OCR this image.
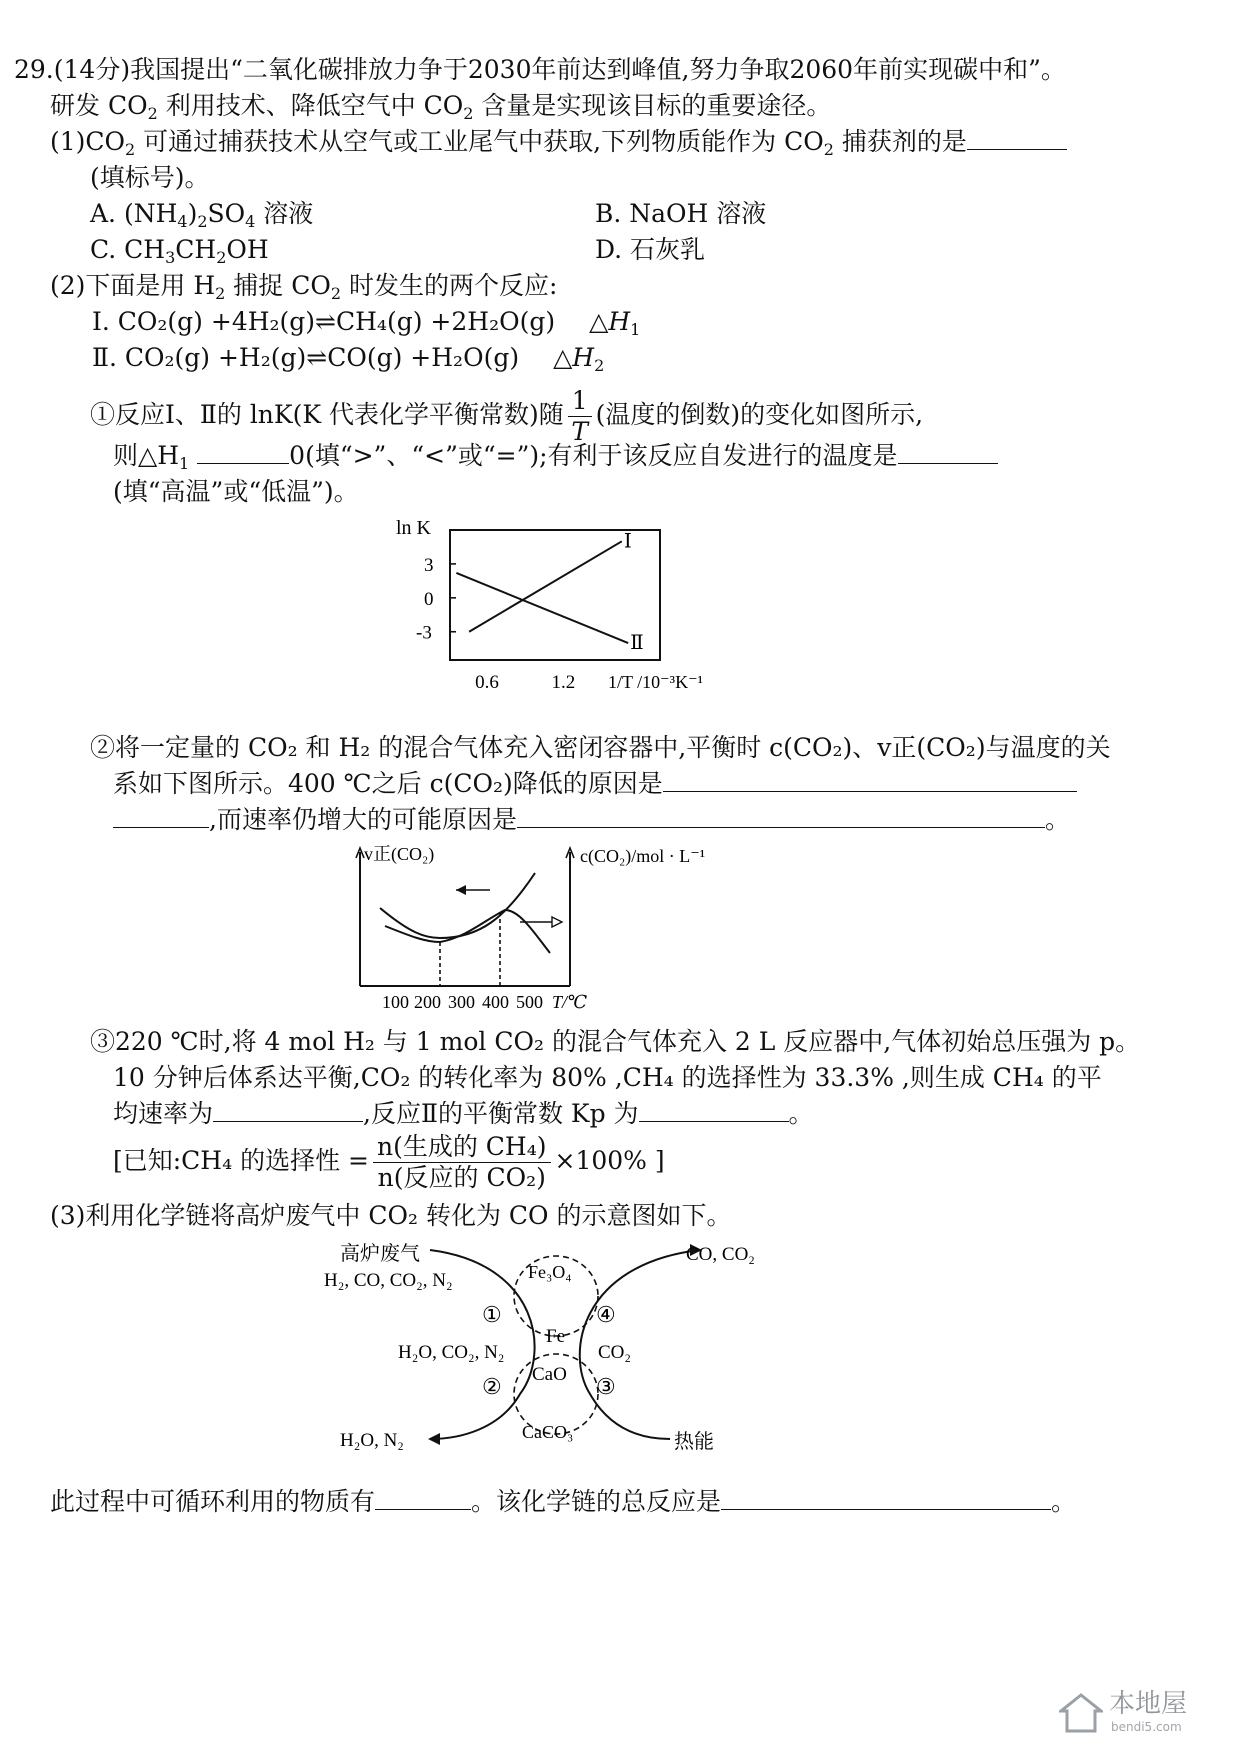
29.(14分)我国提出“二氧化碳排放力争于2030年前达到峰值,努力争取2060年前实现碳中和”。
研发 $CO_2$ 利用技术、降低空气中 $CO_2$ 含量是实现该目标的重要途径。
$(1)CO_2$ 可通过捕获技术从空气或工业尾气中获取,下列物质能作为 $CO_2$ 捕获剂的是
(填标号)。
A. $(NH_4)_2SO_4$ 溶液	B. NaOH 溶液
C. $CH_3CH_2OH$	D. 石灰乳
(2)下面是用 $H_2$ 捕捉 $CO_2$ 时发生的两个反应:
Ⅰ. CO₂(g) +4H₂(g)⇌CH₄(g) +2H₂O(g) $\triangle H_1$
Ⅱ. CO₂(g) +H₂(g)⇌CO(g) +H₂O(g) $\triangle H_2$
①反应Ⅰ、Ⅱ的 lnK(K 代表化学平衡常数)随 $\frac{1}{T}$ (温度的倒数)的变化如图所示,
则$\triangle H_1$	0(填“>”、“<”或“=”);有利于该反应自发进行的温度是
(填“高温”或“低温”)。
ln K
3
0
-3
0.6	1.2
Ⅰ
Ⅱ
1/T /10⁻³K⁻¹
②将一定量的 CO₂ 和 H₂ 的混合气体充入密闭容器中,平衡时 c(CO₂)、v正(CO₂)与温度的关
系如下图所示。400 ℃之后 c(CO₂)降低的原因是
,而速率仍增大的可能原因是	。
v正(CO₂)	c(CO₂)/mol · L⁻¹
100 200 300 400 500 T/℃
③220 ℃时,将 4 mol H₂ 与 1 mol CO₂ 的混合气体充入 2 L 反应器中,气体初始总压强为 p。
10 分钟后体系达平衡,CO₂ 的转化率为 80% ,CH₄ 的选择性为 33.3% ,则生成 CH₄ 的平
均速率为	,反应Ⅱ的平衡常数 Kp 为	。
[已知:CH₄ 的选择性 = $\frac{\text{n(生成的 CH₄)}}{\text{n(反应的 CO₂)}} \times 100\%$ ]
(3)利用化学链将高炉废气中 CO₂ 转化为 CO 的示意图如下。
高炉废气
H₂, CO, CO₂, N₂
H₂O, N₂
H₂O, CO₂, N₂
CO, CO₂
CO₂
热能
Fe₃O₄
Fe
CaO
CaCO₃
①	④
②	③
此过程中可循环利用的物质有	。该化学链的总反应是	。
本地屋
bendi5.com
